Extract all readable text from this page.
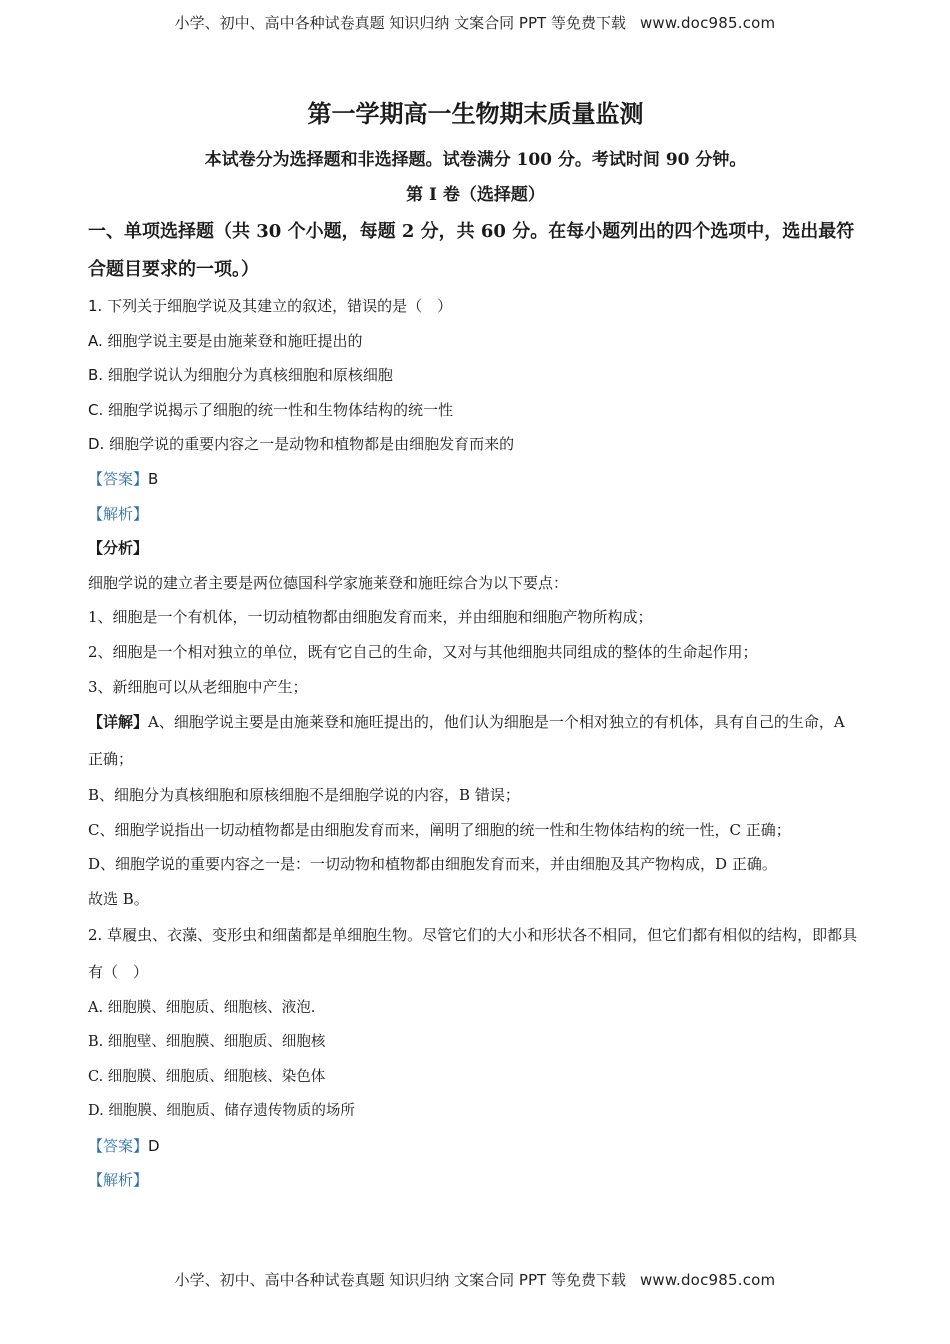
小学、初中、高中各种试卷真题 知识归纳 文案合同 PPT 等免费下载 www.doc985.com
第一学期高一生物期末质量监测
本试卷分为选择题和非选择题。试卷满分 100 分。考试时间 90 分钟。
第 I 卷（选择题）
一、单项选择题（共 30 个小题，每题 2 分，共 60 分。在每小题列出的四个选项中，选出最符合题目要求的一项。）
1. 下列关于细胞学说及其建立的叙述，错误的是（　）
A. 细胞学说主要是由施莱登和施旺提出的
B. 细胞学说认为细胞分为真核细胞和原核细胞
C. 细胞学说揭示了细胞的统一性和生物体结构的统一性
D. 细胞学说的重要内容之一是动物和植物都是由细胞发育而来的
【答案】B
【解析】
【分析】
细胞学说的建立者主要是两位德国科学家施莱登和施旺综合为以下要点：
1、细胞是一个有机体，一切动植物都由细胞发育而来，并由细胞和细胞产物所构成；
2、细胞是一个相对独立的单位，既有它自己的生命，又对与其他细胞共同组成的整体的生命起作用；
3、新细胞可以从老细胞中产生；
【详解】A、细胞学说主要是由施莱登和施旺提出的，他们认为细胞是一个相对独立的有机体，具有自己的生命，A 正确；
B、细胞分为真核细胞和原核细胞不是细胞学说的内容，B 错误；
C、细胞学说指出一切动植物都是由细胞发育而来，阐明了细胞的统一性和生物体结构的统一性，C 正确；
D、细胞学说的重要内容之一是：一切动物和植物都由细胞发育而来，并由细胞及其产物构成，D 正确。
故选 B。
2. 草履虫、衣藻、变形虫和细菌都是单细胞生物。尽管它们的大小和形状各不相同，但它们都有相似的结构，即都具有（　）
A. 细胞膜、细胞质、细胞核、液泡.
B. 细胞壁、细胞膜、细胞质、细胞核
C. 细胞膜、细胞质、细胞核、染色体
D. 细胞膜、细胞质、储存遗传物质的场所
【答案】D
【解析】
小学、初中、高中各种试卷真题 知识归纳 文案合同 PPT 等免费下载 www.doc985.com
